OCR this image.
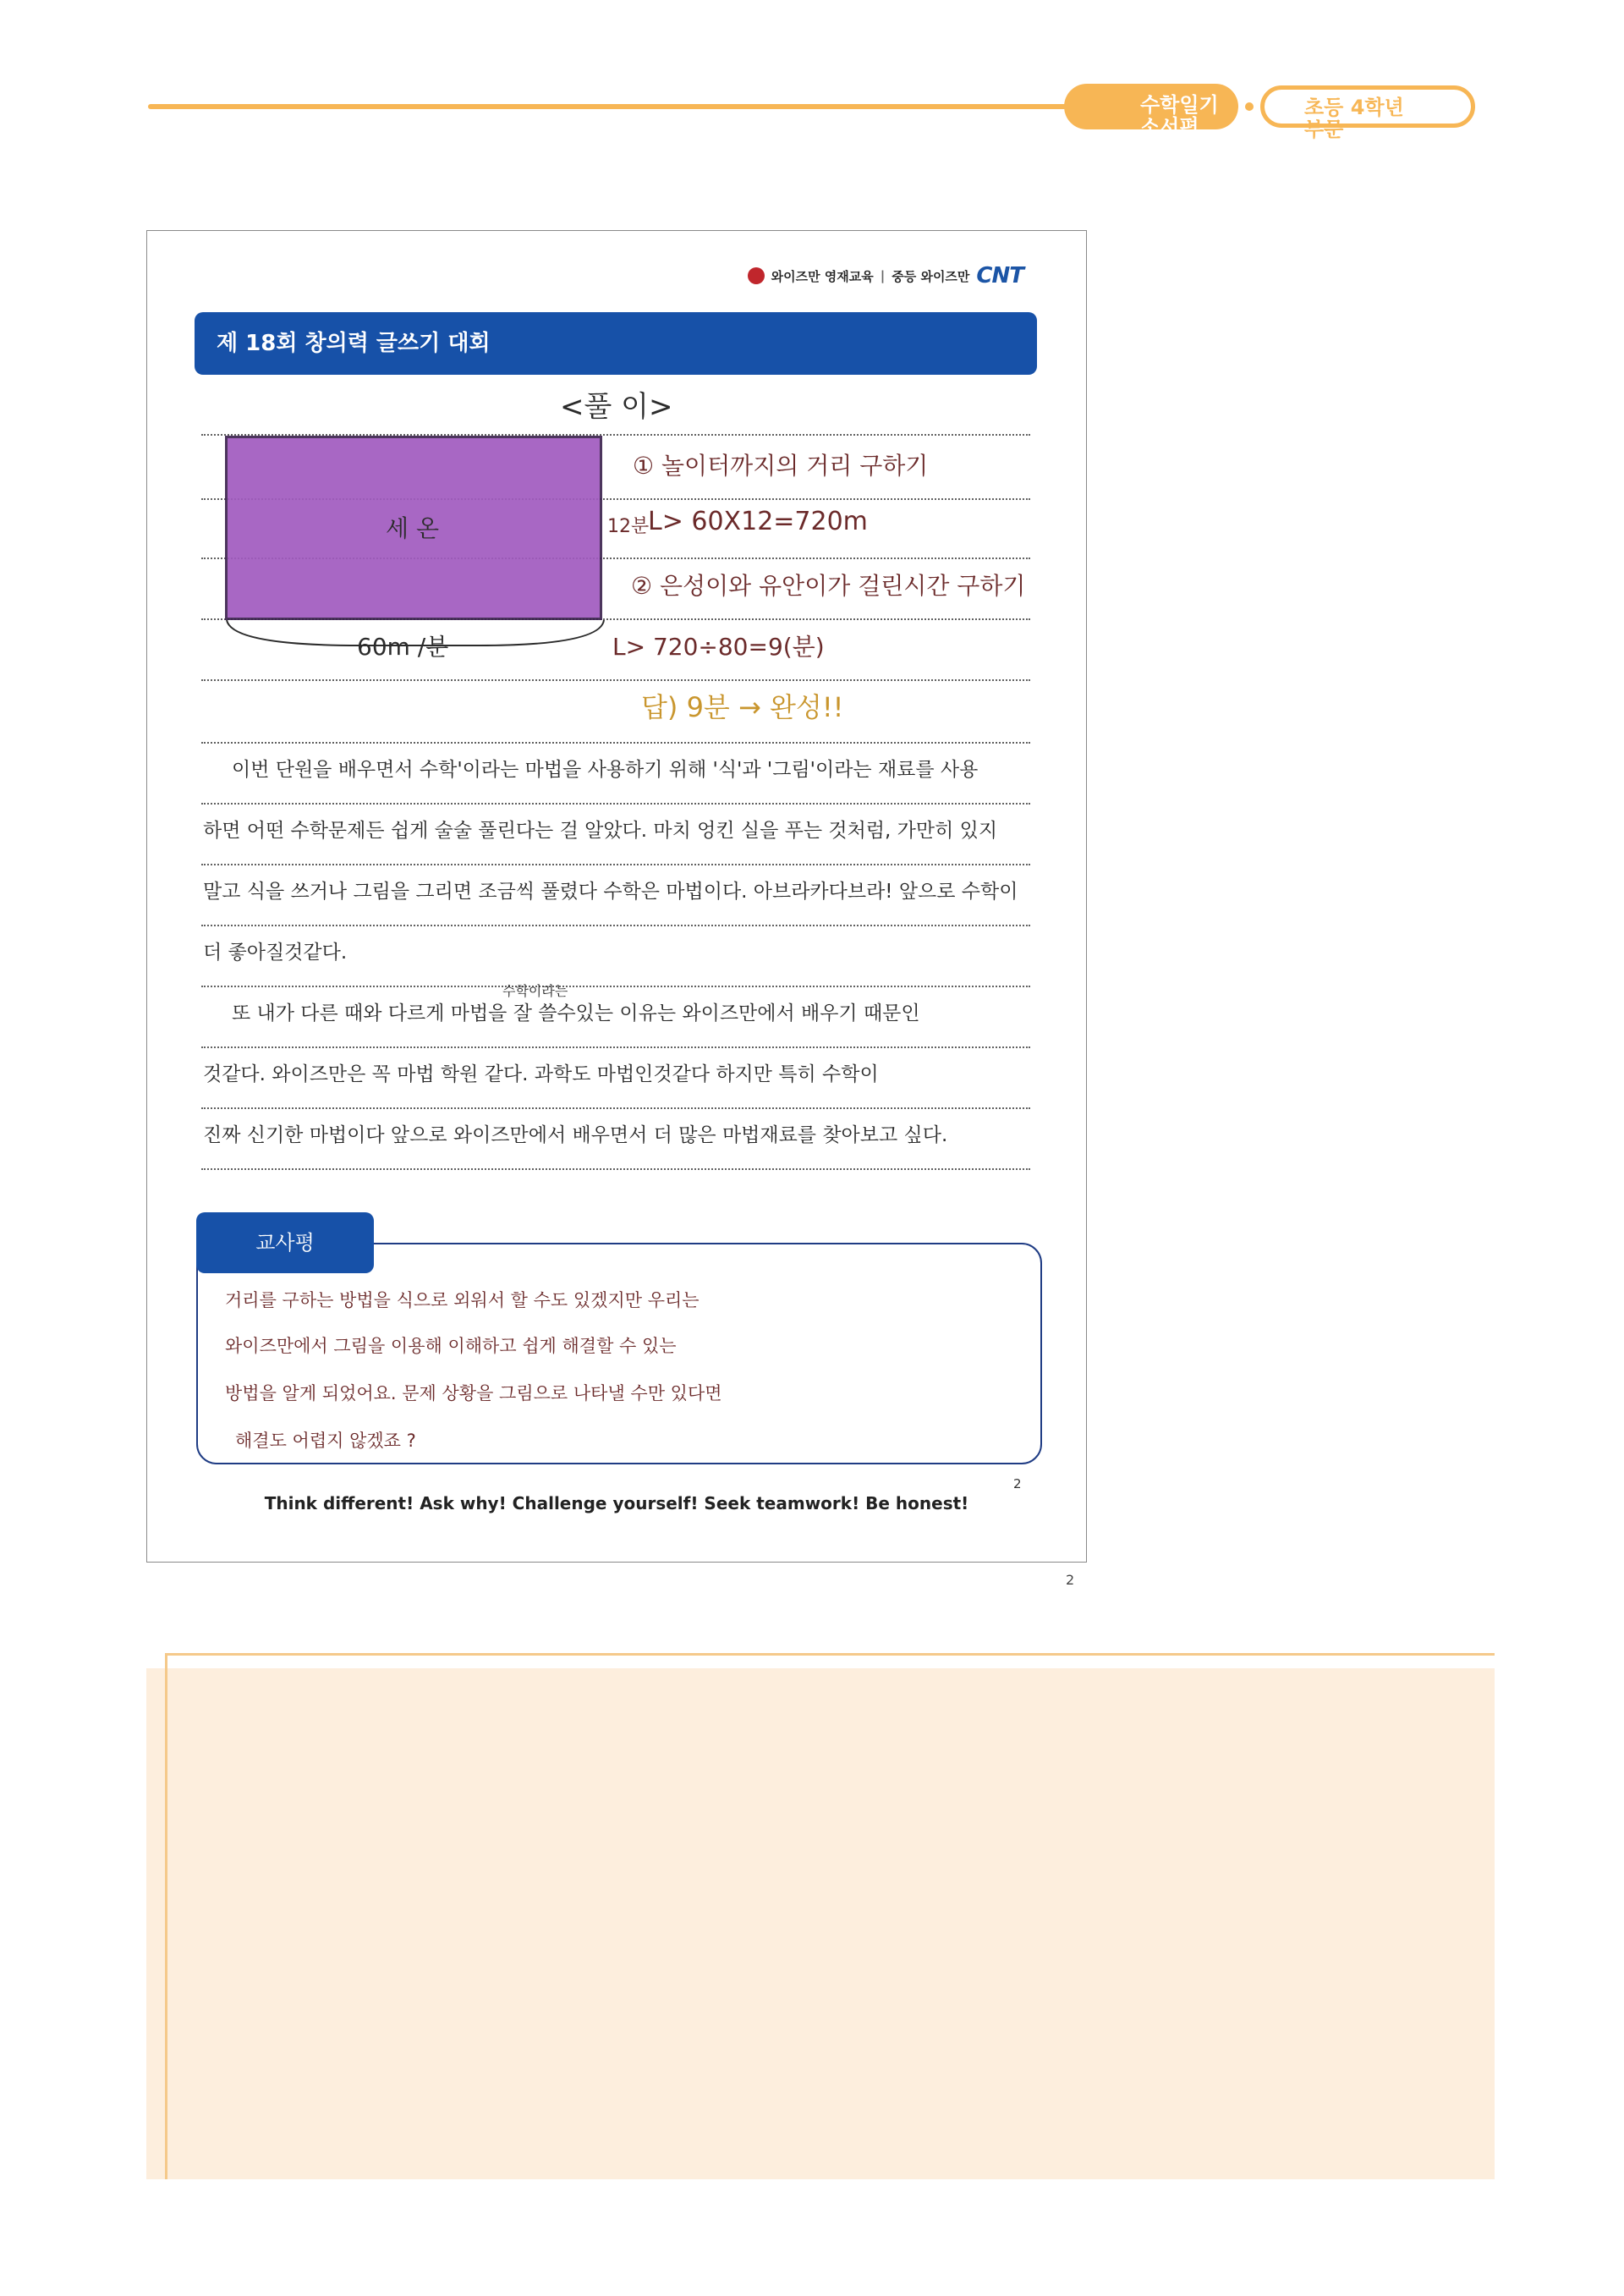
수학일기
소서편
초등 4학년
부문
와이즈만 영재교육 | 중등 와이즈만 CNT
제 18회 창의력 글쓰기 대회
<풀 이>
세 온
60m /분
12분
① 놀이터까지의 거리 구하기
L> 60X12=720m
② 은성이와 유안이가 걸린시간 구하기
L> 720÷80=9(분)
답) 9분 → 완성!!
이번 단원을 배우면서 수학'이라는 마법을 사용하기 위해 '식'과 '그림'이라는 재료를 사용
하면 어떤 수학문제든 쉽게 술술 풀린다는 걸 알았다. 마치 엉킨 실을 푸는 것처럼, 가만히 있지
말고 식을 쓰거나 그림을 그리면 조금씩 풀렸다 수학은 마법이다. 아브라카다브라! 앞으로 수학이
더 좋아질것같다.
수학이라는
또 내가 다른 때와 다르게 마법을 잘 쓸수있는 이유는 와이즈만에서 배우기 때문인
것같다. 와이즈만은 꼭 마법 학원 같다. 과학도 마법인것같다 하지만 특히 수학이
진짜 신기한 마법이다 앞으로 와이즈만에서 배우면서 더 많은 마법재료를 찾아보고 싶다.
교사평
거리를 구하는 방법을 식으로 외워서 할 수도 있겠지만 우리는
와이즈만에서 그림을 이용해 이해하고 쉽게 해결할 수 있는
방법을 알게 되었어요. 문제 상황을 그림으로 나타낼 수만 있다면
해결도 어렵지 않겠죠 ?
2
Think different! Ask why! Challenge yourself! Seek teamwork! Be honest!
2
